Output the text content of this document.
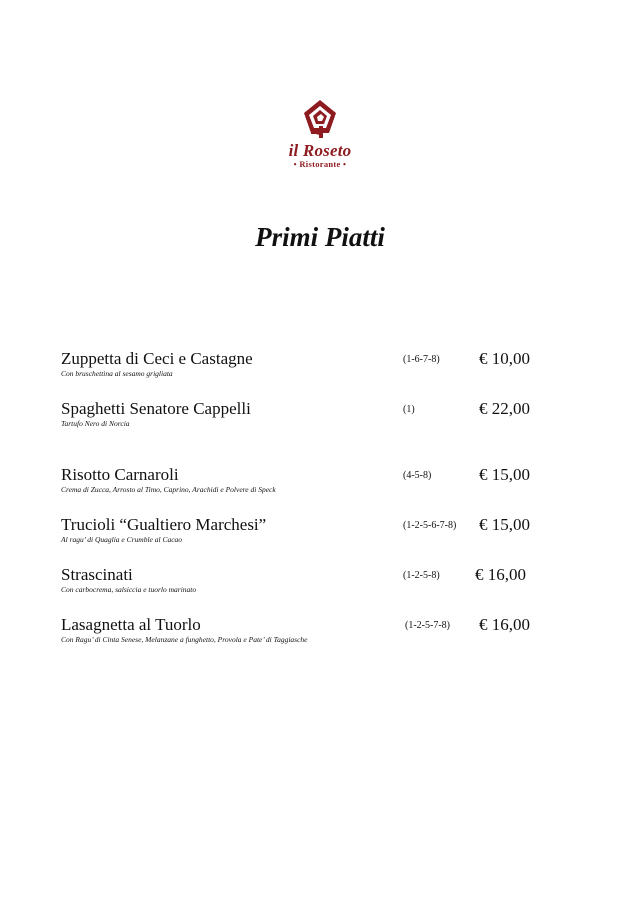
il Roseto
• Ristorante •
Primi Piatti
Zuppetta di Ceci e Castagne
Con bruschettina al sesamo grigliata
(1-6-7-8) € 10,00
Spaghetti Senatore Cappelli
Tartufo Nero di Norcia
(1)	€ 22,00
Risotto Carnaroli
Crema di Zucca, Arrosto al Timo, Caprino, Arachidi e Polvere di Speck
(4-5-8)	€ 15,00
Trucioli “Gualtiero Marchesi”
Al ragu’ di Quaglia e Crumble al Cacao
(1-2-5-6-7-8) € 15,00
Strascinati
Con carbocrema, salsiccia e tuorlo marinato
(1-2-5-8) € 16,00
Lasagnetta al Tuorlo
Con Ragu’ di Cinta Senese, Melanzane a funghetto, Provola e Pate’ di Taggiasche
(1-2-5-7-8) € 16,00
